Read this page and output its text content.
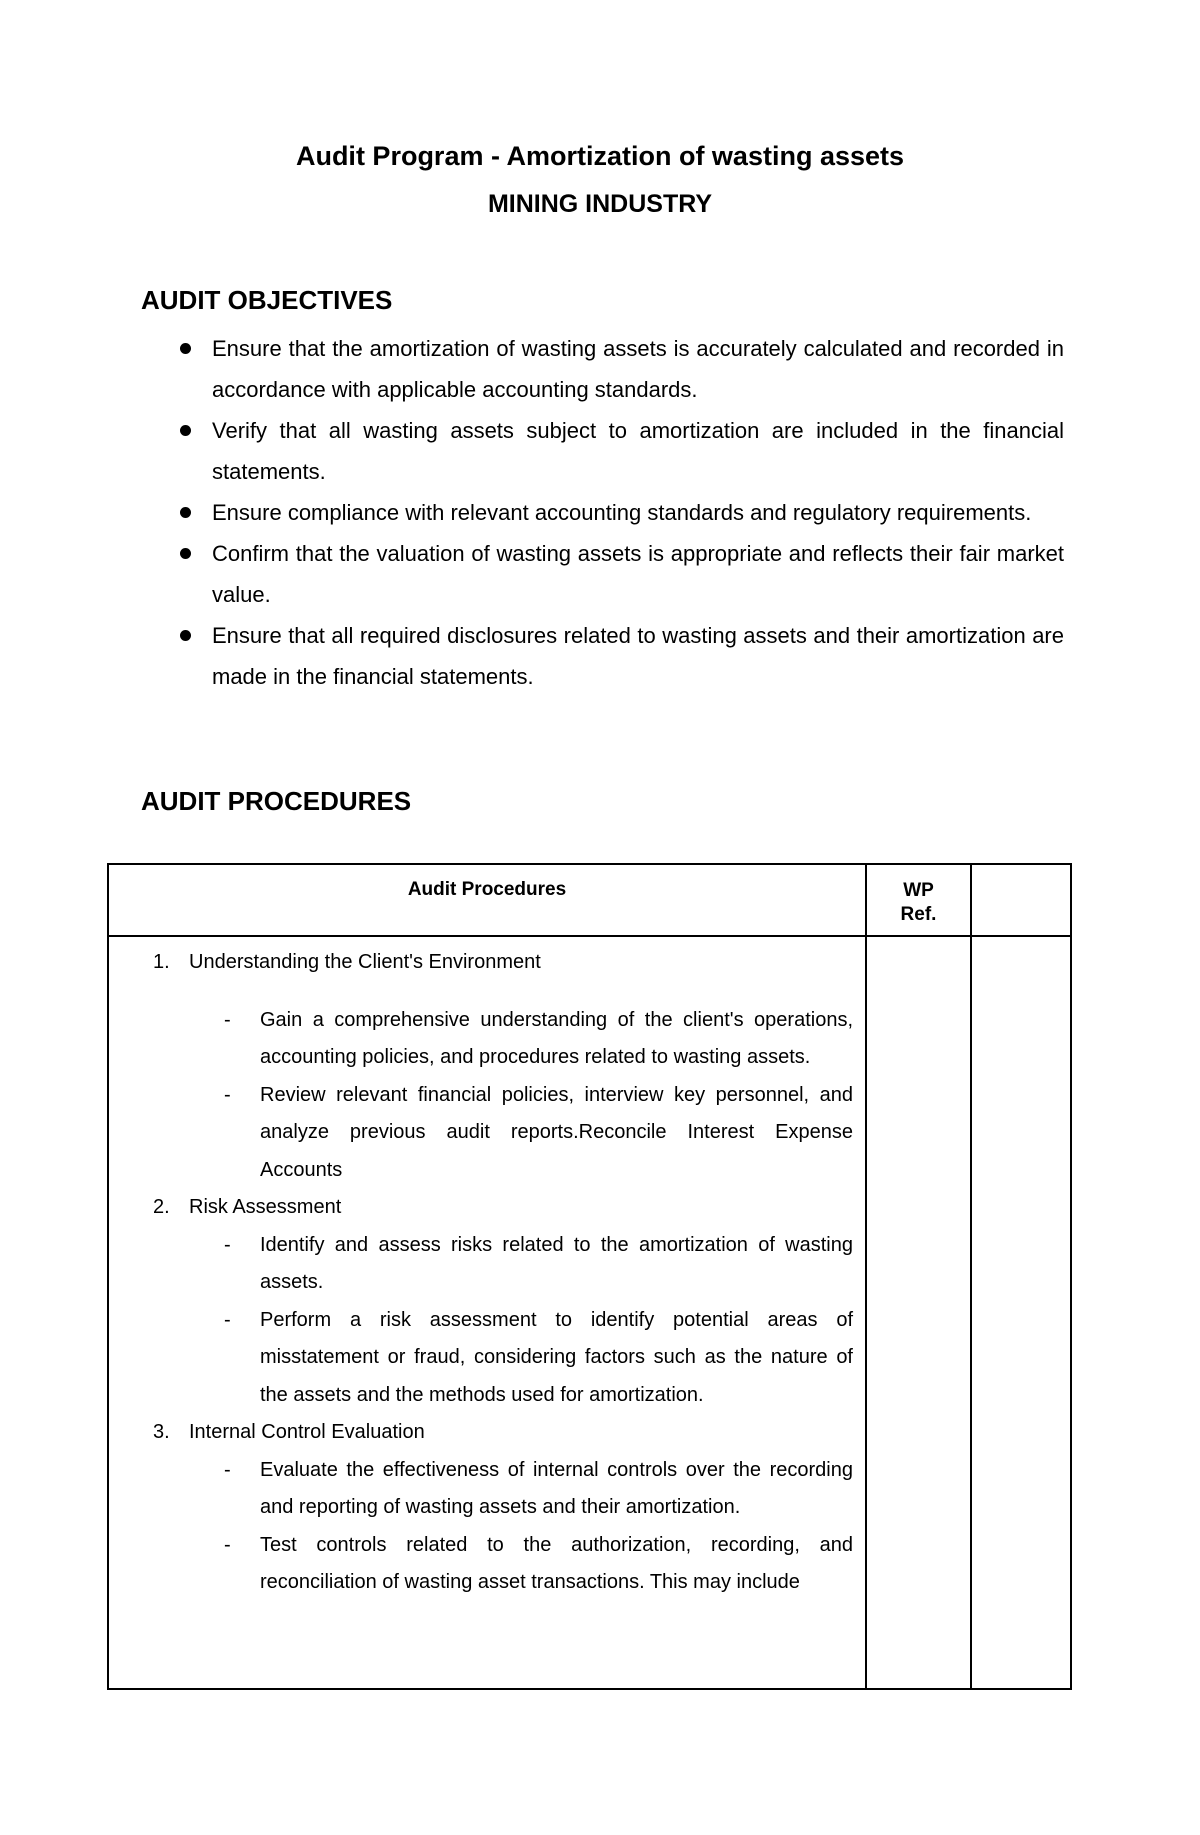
Audit Program - Amortization of wasting assets
MINING INDUSTRY
AUDIT OBJECTIVES
Ensure that the amortization of wasting assets is accurately calculated and recorded in accordance with applicable accounting standards.
Verify that all wasting assets subject to amortization are included in the financial statements.
Ensure compliance with relevant accounting standards and regulatory requirements.
Confirm that the valuation of wasting assets is appropriate and reflects their fair market value.
Ensure that all required disclosures related to wasting assets and their amortization are made in the financial statements.
AUDIT PROCEDURES
Audit Procedures	WP
Ref.
1. Understanding the Client's Environment
- Gain a comprehensive understanding of the client's operations, accounting policies, and procedures related to wasting assets.
- Review relevant financial policies, interview key personnel, and analyze previous audit reports.Reconcile Interest Expense Accounts
2. Risk Assessment
- Identify and assess risks related to the amortization of wasting assets.
- Perform a risk assessment to identify potential areas of misstatement or fraud, considering factors such as the nature of the assets and the methods used for amortization.
3. Internal Control Evaluation
- Evaluate the effectiveness of internal controls over the recording and reporting of wasting assets and their amortization.
- Test controls related to the authorization, recording, and reconciliation of wasting asset transactions. This may include
